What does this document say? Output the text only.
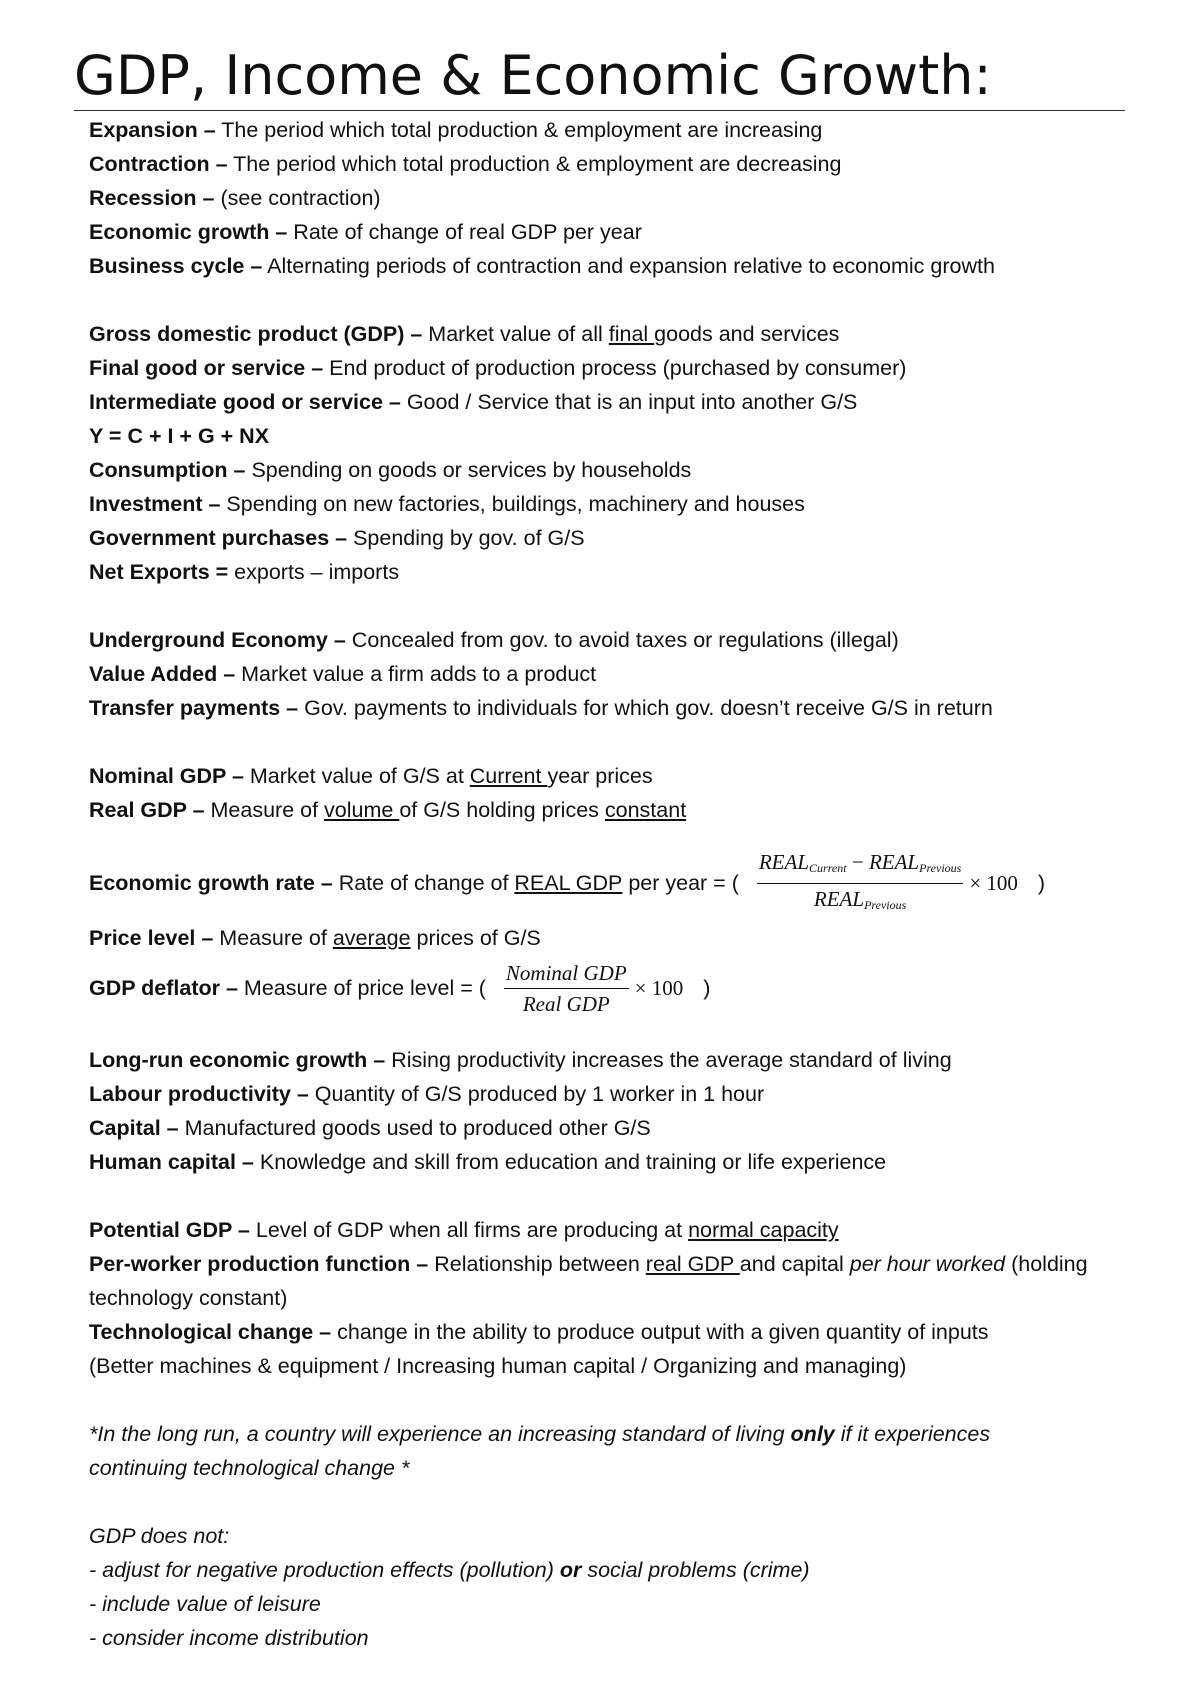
GDP, Income & Economic Growth:
Expansion – The period which total production & employment are increasing
Contraction – The period which total production & employment are decreasing
Recession – (see contraction)
Economic growth – Rate of change of real GDP per year
Business cycle – Alternating periods of contraction and expansion relative to economic growth
Gross domestic product (GDP) – Market value of all final goods and services
Final good or service – End product of production process (purchased by consumer)
Intermediate good or service – Good / Service that is an input into another G/S
Y = C + I + G + NX
Consumption – Spending on goods or services by households
Investment – Spending on new factories, buildings, machinery and houses
Government purchases – Spending by gov. of G/S
Net Exports = exports – imports
Underground Economy – Concealed from gov. to avoid taxes or regulations (illegal)
Value Added – Market value a firm adds to a product
Transfer payments – Gov. payments to individuals for which gov. doesn’t receive G/S in return
Nominal GDP – Market value of G/S at Current year prices
Real GDP – Measure of volume of G/S holding prices constant
Economic growth rate – Rate of change of REAL GDP per year = ( $\frac{REAL_{Current} - REAL_{Previous}}{REAL_{Previous}} \times 100$ )
Price level – Measure of average prices of G/S
GDP deflator – Measure of price level = ( $\frac{\text{Nominal GDP}}{\text{Real GDP}} \times 100$ )
Long-run economic growth – Rising productivity increases the average standard of living
Labour productivity – Quantity of G/S produced by 1 worker in 1 hour
Capital – Manufactured goods used to produced other G/S
Human capital – Knowledge and skill from education and training or life experience
Potential GDP – Level of GDP when all firms are producing at normal capacity
Per-worker production function – Relationship between real GDP and capital per hour worked (holding
technology constant)
Technological change – change in the ability to produce output with a given quantity of inputs
(Better machines & equipment / Increasing human capital / Organizing and managing)
*In the long run, a country will experience an increasing standard of living only if it experiences
continuing technological change *
GDP does not:
- adjust for negative production effects (pollution) or social problems (crime)
- include value of leisure
- consider income distribution
